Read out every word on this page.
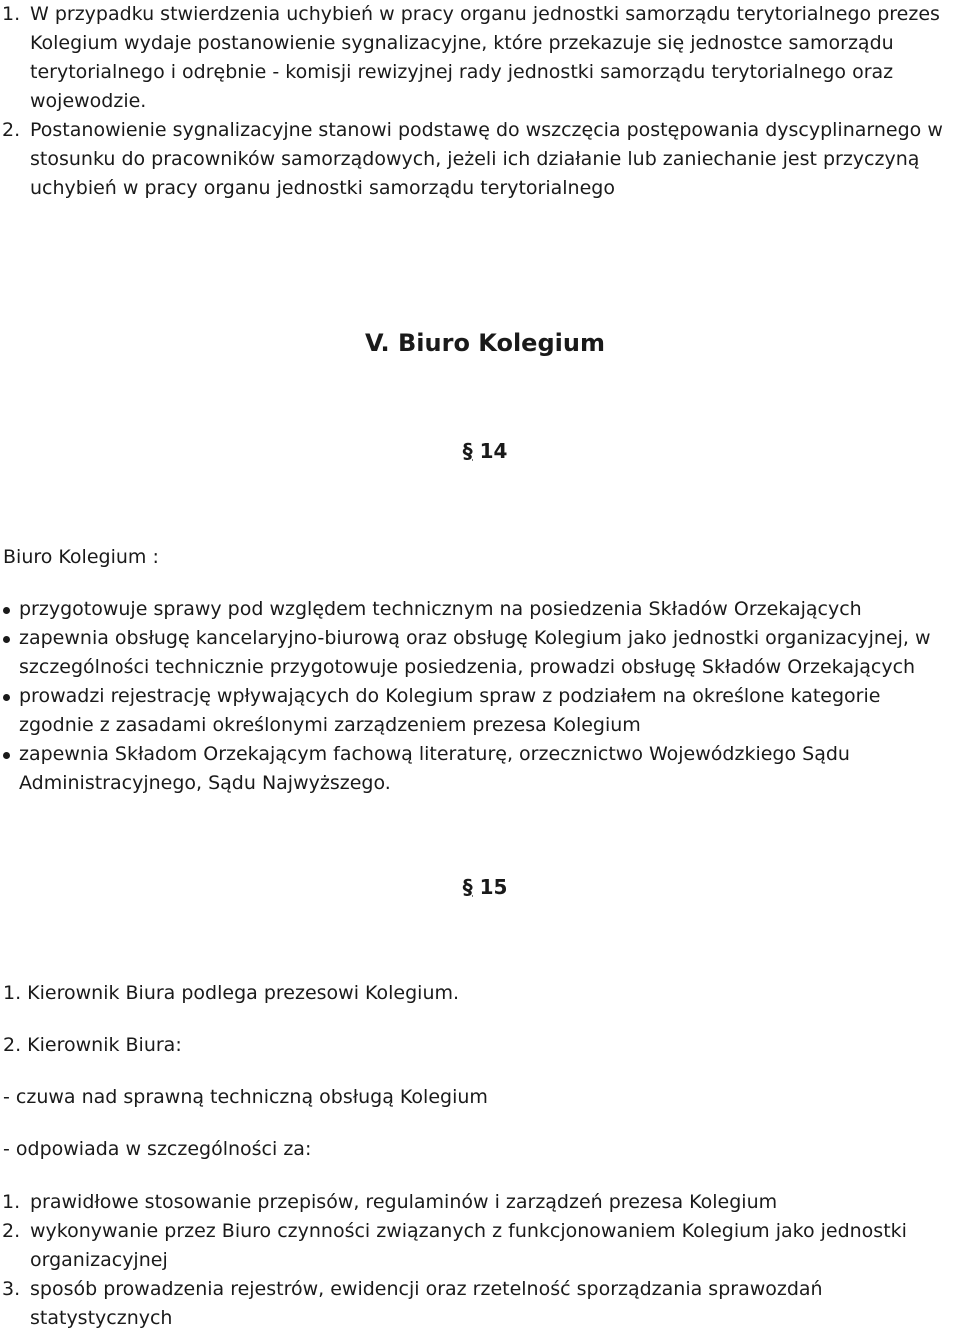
1. W przypadku stwierdzenia uchybień w pracy organu jednostki samorządu terytorialnego prezes Kolegium wydaje postanowienie sygnalizacyjne, które przekazuje się jednostce samorządu terytorialnego i odrębnie - komisji rewizyjnej rady jednostki samorządu terytorialnego oraz wojewodzie.
2. Postanowienie sygnalizacyjne stanowi podstawę do wszczęcia postępowania dyscyplinarnego w stosunku do pracowników samorządowych, jeżeli ich działanie lub zaniechanie jest przyczyną uchybień w pracy organu jednostki samorządu terytorialnego
V. Biuro Kolegium
§ 14
Biuro Kolegium :
przygotowuje sprawy pod względem technicznym na posiedzenia Składów Orzekających
zapewnia obsługę kancelaryjno-biurową oraz obsługę Kolegium jako jednostki organizacyjnej, w szczególności technicznie przygotowuje posiedzenia, prowadzi obsługę Składów Orzekających
prowadzi rejestrację wpływających do Kolegium spraw z podziałem na określone kategorie zgodnie z zasadami określonymi zarządzeniem prezesa Kolegium
zapewnia Składom Orzekającym fachową literaturę, orzecznictwo Wojewódzkiego Sądu Administracyjnego, Sądu Najwyższego.
§ 15
1. Kierownik Biura podlega prezesowi Kolegium.
2. Kierownik Biura:
- czuwa nad sprawną techniczną obsługą Kolegium
- odpowiada w szczególności za:
1. prawidłowe stosowanie przepisów, regulaminów i zarządzeń prezesa Kolegium
2. wykonywanie przez Biuro czynności związanych z funkcjonowaniem Kolegium jako jednostki organizacyjnej
3. sposób prowadzenia rejestrów, ewidencji oraz rzetelność sporządzania sprawozdań statystycznych
